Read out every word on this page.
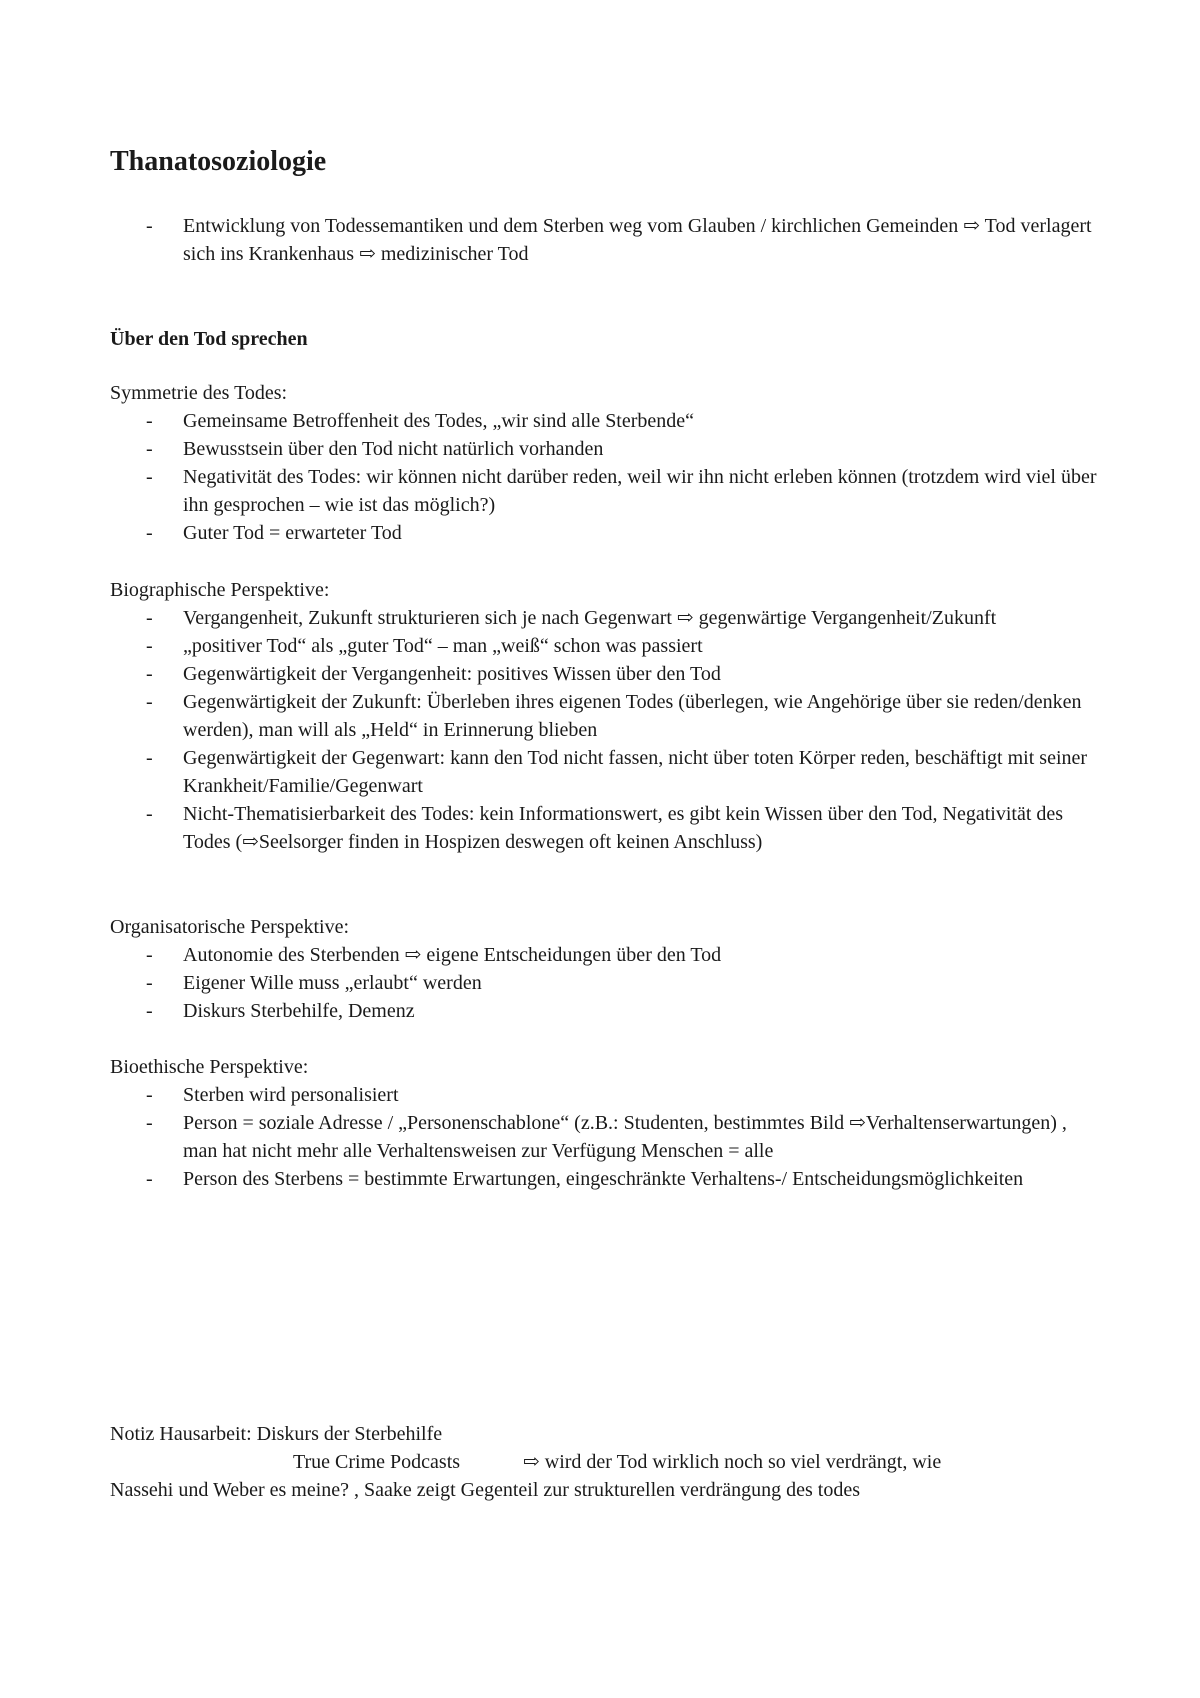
Thanatosoziologie
- Entwicklung von Todessemantiken und dem Sterben weg vom Glauben / kirchlichen Gemeinden ⇨ Tod verlagert sich ins Krankenhaus ⇨ medizinischer Tod
Über den Tod sprechen

Symmetrie des Todes:

- Gemeinsame Betroffenheit des Todes, „wir sind alle Sterbende“
- Bewusstsein über den Tod nicht natürlich vorhanden
- Negativität des Todes: wir können nicht darüber reden, weil wir ihn nicht erleben können (trotzdem wird viel über ihn gesprochen – wie ist das möglich?)
- Guter Tod = erwarteter Tod

Biographische Perspektive:

- Vergangenheit, Zukunft strukturieren sich je nach Gegenwart ⇨ gegenwärtige Vergangenheit/Zukunft
- „positiver Tod“ als „guter Tod“ – man „weiß“ schon was passiert
- Gegenwärtigkeit der Vergangenheit: positives Wissen über den Tod
- Gegenwärtigkeit der Zukunft: Überleben ihres eigenen Todes (überlegen, wie Angehörige über sie reden/denken werden), man will als „Held“ in Erinnerung blieben
- Gegenwärtigkeit der Gegenwart: kann den Tod nicht fassen, nicht über toten Körper reden, beschäftigt mit seiner Krankheit/Familie/Gegenwart
- Nicht-Thematisierbarkeit des Todes: kein Informationswert, es gibt kein Wissen über den Tod, Negativität des Todes (⇨Seelsorger finden in Hospizen deswegen oft keinen Anschluss)

Organisatorische Perspektive:

- Autonomie des Sterbenden ⇨ eigene Entscheidungen über den Tod
- Eigener Wille muss „erlaubt“ werden
- Diskurs Sterbehilfe, Demenz

Bioethische Perspektive:

- Sterben wird personalisiert
- Person = soziale Adresse / „Personenschablone“ (z.B.: Studenten, bestimmtes Bild ⇨Verhaltenserwartungen) , man hat nicht mehr alle Verhaltensweisen zur Verfügung Menschen = alle
- Person des Sterbens = bestimmte Erwartungen, eingeschränkte Verhaltens-/ Entscheidungsmöglichkeiten

Notiz Hausarbeit: Diskurs der Sterbehilfe

True Crime Podcasts	⇨ wird der Tod wirklich noch so viel verdrängt, wie

Nassehi und Weber es meine? , Saake zeigt Gegenteil zur strukturellen verdrängung des todes
